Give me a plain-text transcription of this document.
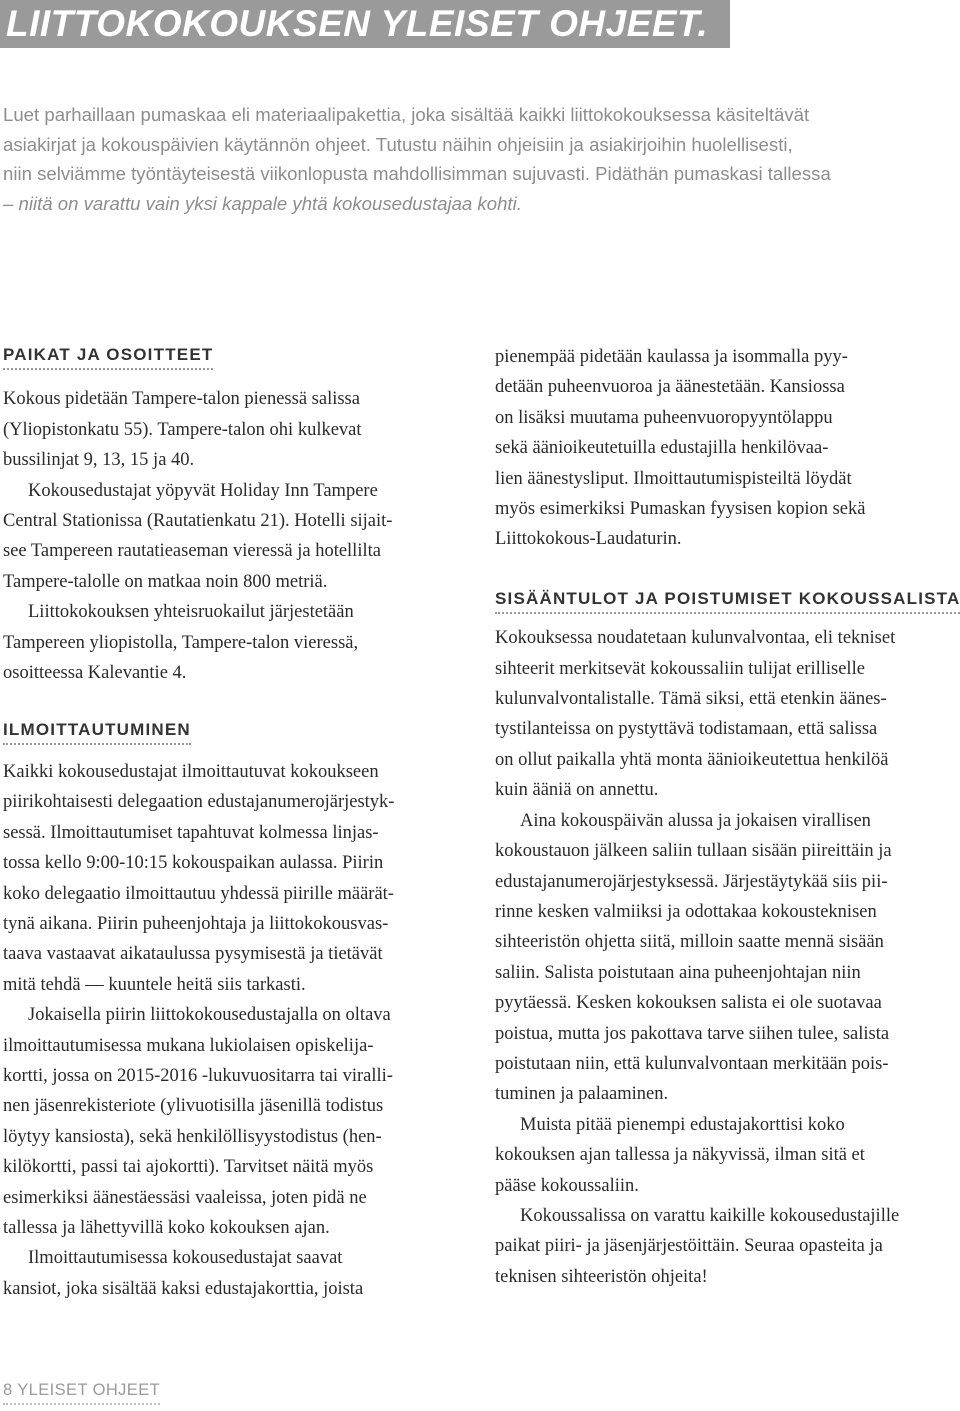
LIITTOKOKOUKSEN YLEISET OHJEET.
Luet parhaillaan pumaskaa eli materiaalipakettia, joka sisältää kaikki liittokokouksessa käsiteltävät
asiakirjat ja kokouspäivien käytännön ohjeet. Tutustu näihin ohjeisiin ja asiakirjoihin huolellisesti,
niin selviämme työntäyteisestä viikonlopusta mahdollisimman sujuvasti. Pidäthän pumaskasi tallessa
– niitä on varattu vain yksi kappale yhtä kokousedustajaa kohti.
PAIKAT JA OSOITTEET
Kokous pidetään Tampere-talon pienessä salissa
(Yliopistonkatu 55). Tampere-talon ohi kulkevat
bussilinjat 9, 13, 15 ja 40.
Kokousedustajat yöpyvät Holiday Inn Tampere
Central Stationissa (Rautatienkatu 21). Hotelli sijait-
see Tampereen rautatieaseman vieressä ja hotellilta
Tampere-talolle on matkaa noin 800 metriä.
Liittokokouksen yhteisruokailut järjestetään
Tampereen yliopistolla, Tampere-talon vieressä,
osoitteessa Kalevantie 4.
ILMOITTAUTUMINEN
Kaikki kokousedustajat ilmoittautuvat kokoukseen
piirikohtaisesti delegaation edustajanumerojärjestyk-
sessä. Ilmoittautumiset tapahtuvat kolmessa linjas-
tossa kello 9:00-10:15 kokouspaikan aulassa. Piirin
koko delegaatio ilmoittautuu yhdessä piirille määrät-
tynä aikana. Piirin puheenjohtaja ja liittokokousvas-
taava vastaavat aikataulussa pysymisestä ja tietävät
mitä tehdä — kuuntele heitä siis tarkasti.
Jokaisella piirin liittokokousedustajalla on oltava
ilmoittautumisessa mukana lukiolaisen opiskelija-
kortti, jossa on 2015-2016 -lukuvuositarra tai viralli-
nen jäsenrekisteriote (ylivuotisilla jäsenillä todistus
löytyy kansiosta), sekä henkilöllisyystodistus (hen-
kilökortti, passi tai ajokortti). Tarvitset näitä myös
esimerkiksi äänestäessäsi vaaleissa, joten pidä ne
tallessa ja lähettyvillä koko kokouksen ajan.
Ilmoittautumisessa kokousedustajat saavat
kansiot, joka sisältää kaksi edustajakorttia, joista
pienempää pidetään kaulassa ja isommalla pyy-
detään puheenvuoroa ja äänestetään. Kansiossa
on lisäksi muutama puheenvuoropyyntölappu
sekä äänioikeutetuilla edustajilla henkilövaa-
lien äänestysliput. Ilmoittautumispisteiltä löydät
myös esimerkiksi Pumaskan fyysisen kopion sekä
Liittokokous-Laudaturin.
SISÄÄNTULOT JA POISTUMISET KOKOUSSALISTA
Kokouksessa noudatetaan kulunvalvontaa, eli tekniset
sihteerit merkitsevät kokoussaliin tulijat erilliselle
kulunvalvontalistalle. Tämä siksi, että etenkin äänes-
tystilanteissa on pystyttävä todistamaan, että salissa
on ollut paikalla yhtä monta äänioikeutettua henkilöä
kuin ääniä on annettu.
Aina kokouspäivän alussa ja jokaisen virallisen
kokoustauon jälkeen saliin tullaan sisään piireittäin ja
edustajanumerojärjestyksessä. Järjestäytykää siis pii-
rinne kesken valmiiksi ja odottakaa kokousteknisen
sihteeristön ohjetta siitä, milloin saatte mennä sisään
saliin. Salista poistutaan aina puheenjohtajan niin
pyytäessä. Kesken kokouksen salista ei ole suotavaa
poistua, mutta jos pakottava tarve siihen tulee, salista
poistutaan niin, että kulunvalvontaan merkitään pois-
tuminen ja palaaminen.
Muista pitää pienempi edustajakorttisi koko
kokouksen ajan tallessa ja näkyvissä, ilman sitä et
pääse kokoussaliin.
Kokoussalissa on varattu kaikille kokousedustajille
paikat piiri- ja jäsenjärjestöittäin. Seuraa opasteita ja
teknisen sihteeristön ohjeita!
8 YLEISET OHJEET
